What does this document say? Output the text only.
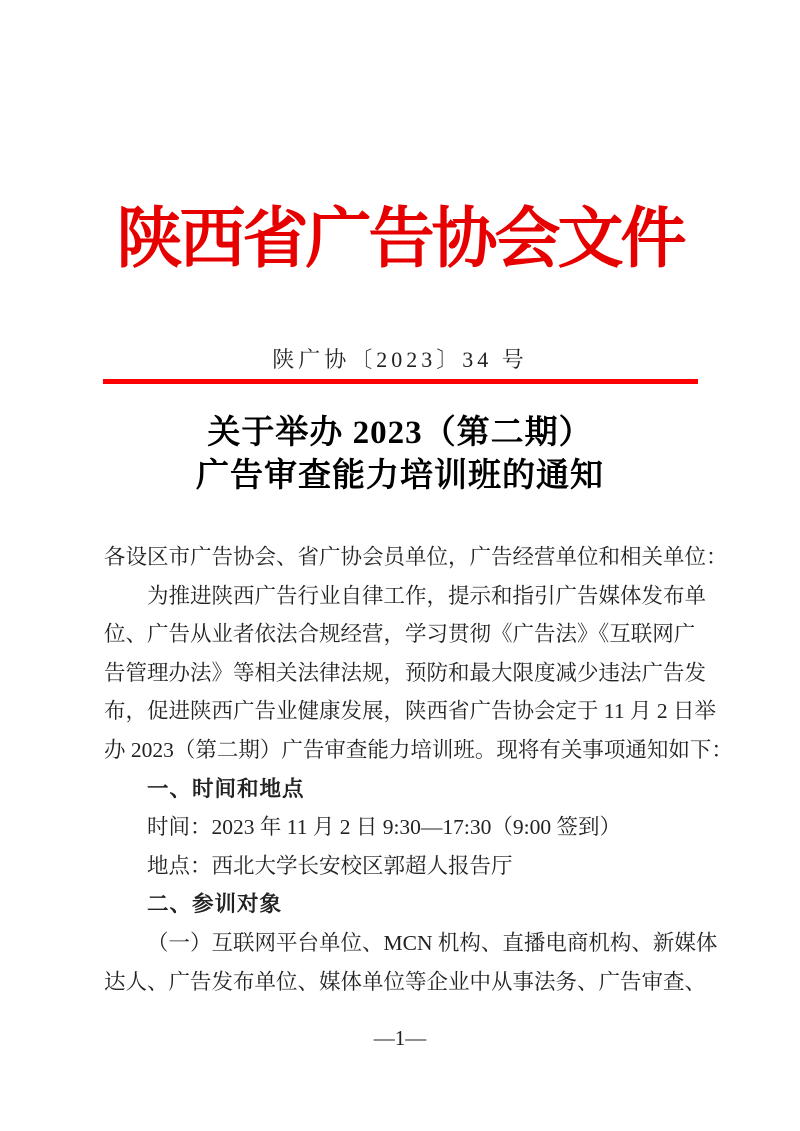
陕西省广告协会文件
陕广协〔2023〕34 号
关于举办 2023（第二期）
广告审查能力培训班的通知
各设区市广告协会、省广协会员单位，广告经营单位和相关单位：
为推进陕西广告行业自律工作，提示和指引广告媒体发布单
位、广告从业者依法合规经营，学习贯彻《广告法》《互联网广
告管理办法》等相关法律法规，预防和最大限度减少违法广告发
布，促进陕西广告业健康发展，陕西省广告协会定于 11 月 2 日举
办 2023（第二期）广告审查能力培训班。现将有关事项通知如下：
一、时间和地点
时间：2023 年 11 月 2 日 9:30—17:30（9:00 签到）
地点：西北大学长安校区郭超人报告厅
二、参训对象
（一）互联网平台单位、MCN 机构、直播电商机构、新媒体
达人、广告发布单位、媒体单位等企业中从事法务、广告审查、
—1—
